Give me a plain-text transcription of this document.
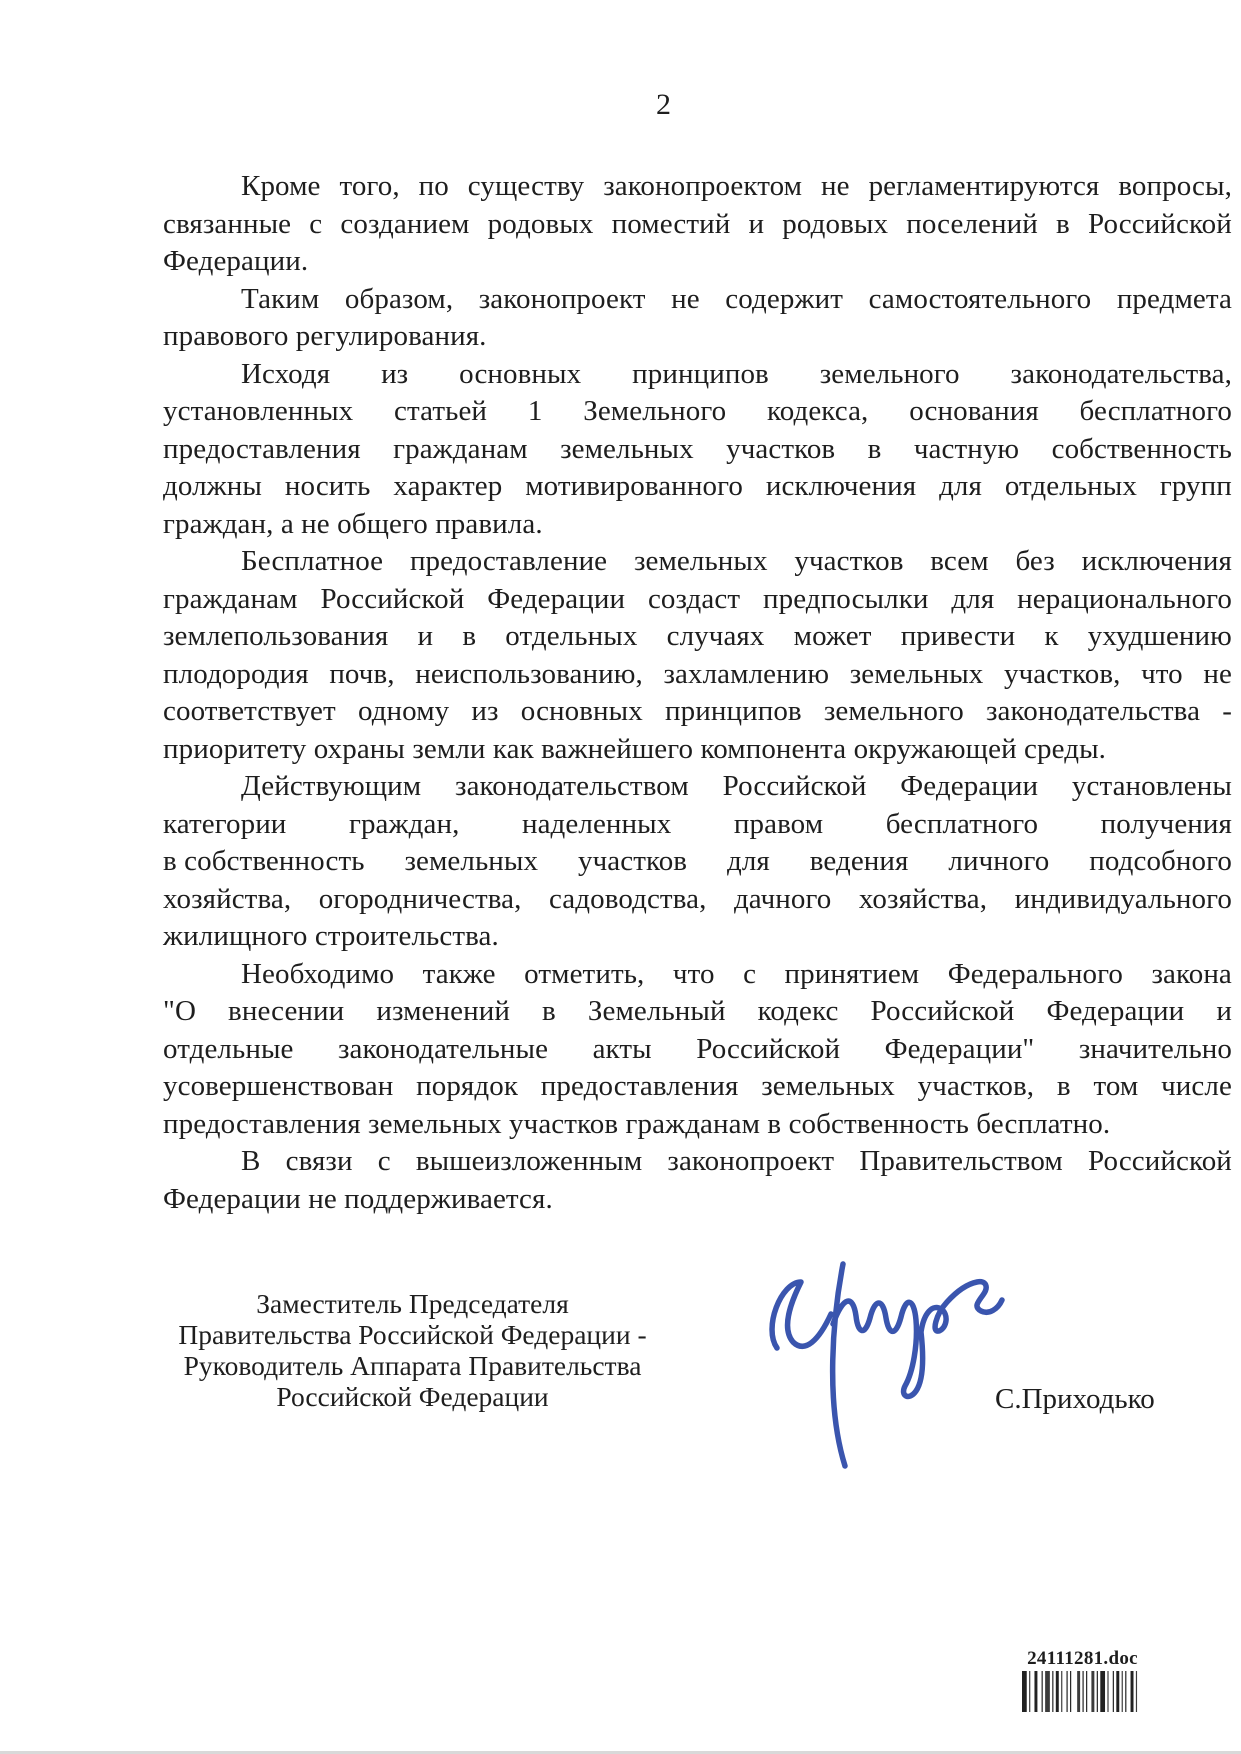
2
Кроме того, по существу законопроектом не регламентируются вопросы,
связанные с созданием родовых поместий и родовых поселений в Российской
Федерации.
Таким образом, законопроект не содержит самостоятельного предмета
правового регулирования.
Исходя из основных принципов земельного законодательства,
установленных статьей 1 Земельного кодекса, основания бесплатного
предоставления гражданам земельных участков в частную собственность
должны носить характер мотивированного исключения для отдельных групп
граждан, а не общего правила.
Бесплатное предоставление земельных участков всем без исключения
гражданам Российской Федерации создаст предпосылки для нерационального
землепользования и в отдельных случаях может привести к ухудшению
плодородия почв, неиспользованию, захламлению земельных участков, что не
соответствует одному из основных принципов земельного законодательства -
приоритету охраны земли как важнейшего компонента окружающей среды.
Действующим законодательством Российской Федерации установлены
категории граждан, наделенных правом бесплатного получения
в собственность земельных участков для ведения личного подсобного
хозяйства, огородничества, садоводства, дачного хозяйства, индивидуального
жилищного строительства.
Необходимо также отметить, что с принятием Федерального закона
"О внесении изменений в Земельный кодекс Российской Федерации и
отдельные законодательные акты Российской Федерации" значительно
усовершенствован порядок предоставления земельных участков, в том числе
предоставления земельных участков гражданам в собственность бесплатно.
В связи с вышеизложенным законопроект Правительством Российской
Федерации не поддерживается.
Заместитель Председателя
Правительства Российской Федерации -
Руководитель Аппарата Правительства
Российской Федерации	С.Приходько
24111281.doc
